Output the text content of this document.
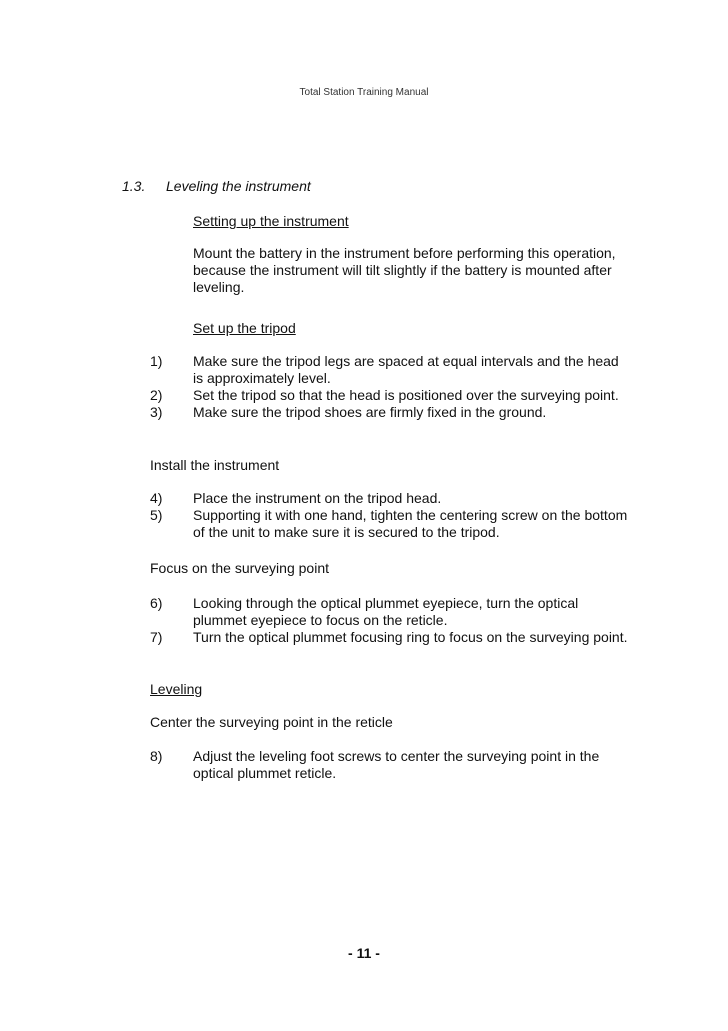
Total Station Training Manual
1.3. Leveling the instrument
Setting up the instrument
Mount the battery in the instrument before performing this operation, because the instrument will tilt slightly if the battery is mounted after leveling.
Set up the tripod
1)	Make sure the tripod legs are spaced at equal intervals and the head is approximately level.
2)	Set the tripod so that the head is positioned over the surveying point.
3)	Make sure the tripod shoes are firmly fixed in the ground.
Install the instrument
4)	Place the instrument on the tripod head.
5)	Supporting it with one hand, tighten the centering screw on the bottom of the unit to make sure it is secured to the tripod.
Focus on the surveying point
6)	Looking through the optical plummet eyepiece, turn the optical plummet eyepiece to focus on the reticle.
7)	Turn the optical plummet focusing ring to focus on the surveying point.
Leveling
Center the surveying point in the reticle
8)	Adjust the leveling foot screws to center the surveying point in the optical plummet reticle.
- 11 -
